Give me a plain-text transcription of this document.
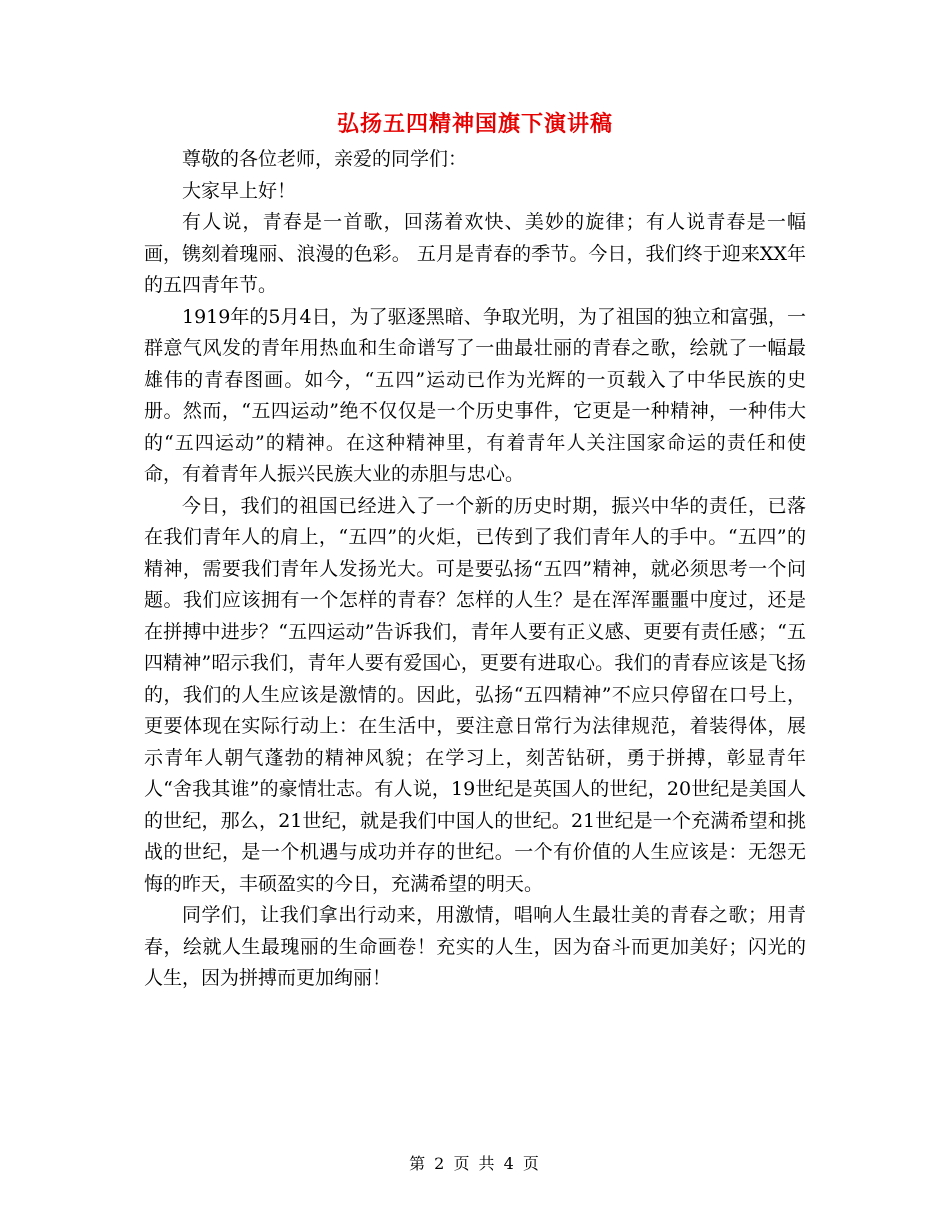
弘扬五四精神国旗下演讲稿

尊敬的各位老师，亲爱的同学们：

大家早上好！

有人说，青春是一首歌，回荡着欢快、美妙的旋律；有人说青春是一幅画，镌刻着瑰丽、浪漫的色彩。 五月是青春的季节。今日，我们终于迎来XX年的五四青年节。

1919年的5月4日，为了驱逐黑暗、争取光明，为了祖国的独立和富强，一群意气风发的青年用热血和生命谱写了一曲最壮丽的青春之歌，绘就了一幅最雄伟的青春图画。如今，“五四”运动已作为光辉的一页载入了中华民族的史册。然而，“五四运动”绝不仅仅是一个历史事件，它更是一种精神，一种伟大的“五四运动”的精神。在这种精神里，有着青年人关注国家命运的责任和使命，有着青年人振兴民族大业的赤胆与忠心。

今日，我们的祖国已经进入了一个新的历史时期，振兴中华的责任，已落在我们青年人的肩上，“五四”的火炬，已传到了我们青年人的手中。“五四”的精神，需要我们青年人发扬光大。可是要弘扬“五四”精神，就必须思考一个问题。我们应该拥有一个怎样的青春？怎样的人生？是在浑浑噩噩中度过，还是在拼搏中进步？“五四运动”告诉我们，青年人要有正义感、更要有责任感；“五四精神”昭示我们，青年人要有爱国心，更要有进取心。我们的青春应该是飞扬的，我们的人生应该是激情的。因此，弘扬“五四精神”不应只停留在口号上，更要体现在实际行动上：在生活中，要注意日常行为法律规范，着装得体，展示青年人朝气蓬勃的精神风貌；在学习上，刻苦钻研，勇于拼搏，彰显青年人“舍我其谁”的豪情壮志。有人说，19世纪是英国人的世纪，20世纪是美国人的世纪，那么，21世纪，就是我们中国人的世纪。21世纪是一个充满希望和挑战的世纪，是一个机遇与成功并存的世纪。一个有价值的人生应该是：无怨无悔的昨天，丰硕盈实的今日，充满希望的明天。

同学们，让我们拿出行动来，用激情，唱响人生最壮美的青春之歌；用青春，绘就人生最瑰丽的生命画卷！充实的人生，因为奋斗而更加美好；闪光的人生，因为拼搏而更加绚丽！

第 2 页 共 4 页
